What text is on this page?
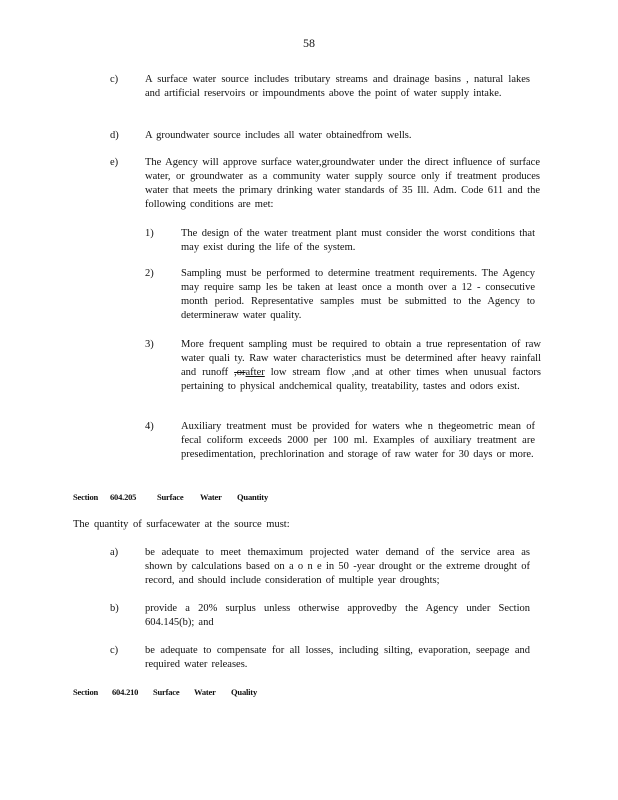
58
c)	A surface water source includes tributary streams and drainage basins , natural lakes and artificial reservoirs or impoundments above the point of water supply intake.
d)	A groundwater source includes all water obtainedfrom wells.
e)	The Agency will approve surface water,groundwater under the direct influence of surface water, or groundwater as a community water supply source only if treatment produces water that meets the primary drinking water standards of 35 Ill. Adm. Code 611 and the following conditions are met:
1)	The design of the water treatment plant must consider the worst conditions that may exist during the life of the system.
2)	Sampling must be performed to determine treatment requirements. The Agency may require samp les be taken at least once a month over a 12 - consecutive month period. Representative samples must be submitted to the Agency to determineraw water quality.
3)	More frequent sampling must be required to obtain a true representation of raw water quali ty. Raw water characteristics must be determined after heavy rainfall and runoff ,orafter low stream flow ,and at other times when unusual factors pertaining to physical andchemical quality, treatability, tastes and odors exist.
4)	Auxiliary treatment must be provided for waters whe n thegeometric mean of fecal coliform exceeds 2000 per 100 ml. Examples of auxiliary treatment are presedimentation, prechlorination and storage of raw water for 30 days or more.
Section 604.205 Surface Water Quantity
The quantity of surfacewater at the source must:
a)	be adequate to meet themaximum projected water demand of the service area as shown by calculations based on a o n e in 50 -year drought or the extreme drought of record, and should include consideration of multiple year droughts;
b)	provide a 20% surplus unless otherwise approvedby the Agency under Section 604.145(b); and
c)	be adequate to compensate for all losses, including silting, evaporation, seepage and required water releases.
Section 604.210 Surface Water Quality
